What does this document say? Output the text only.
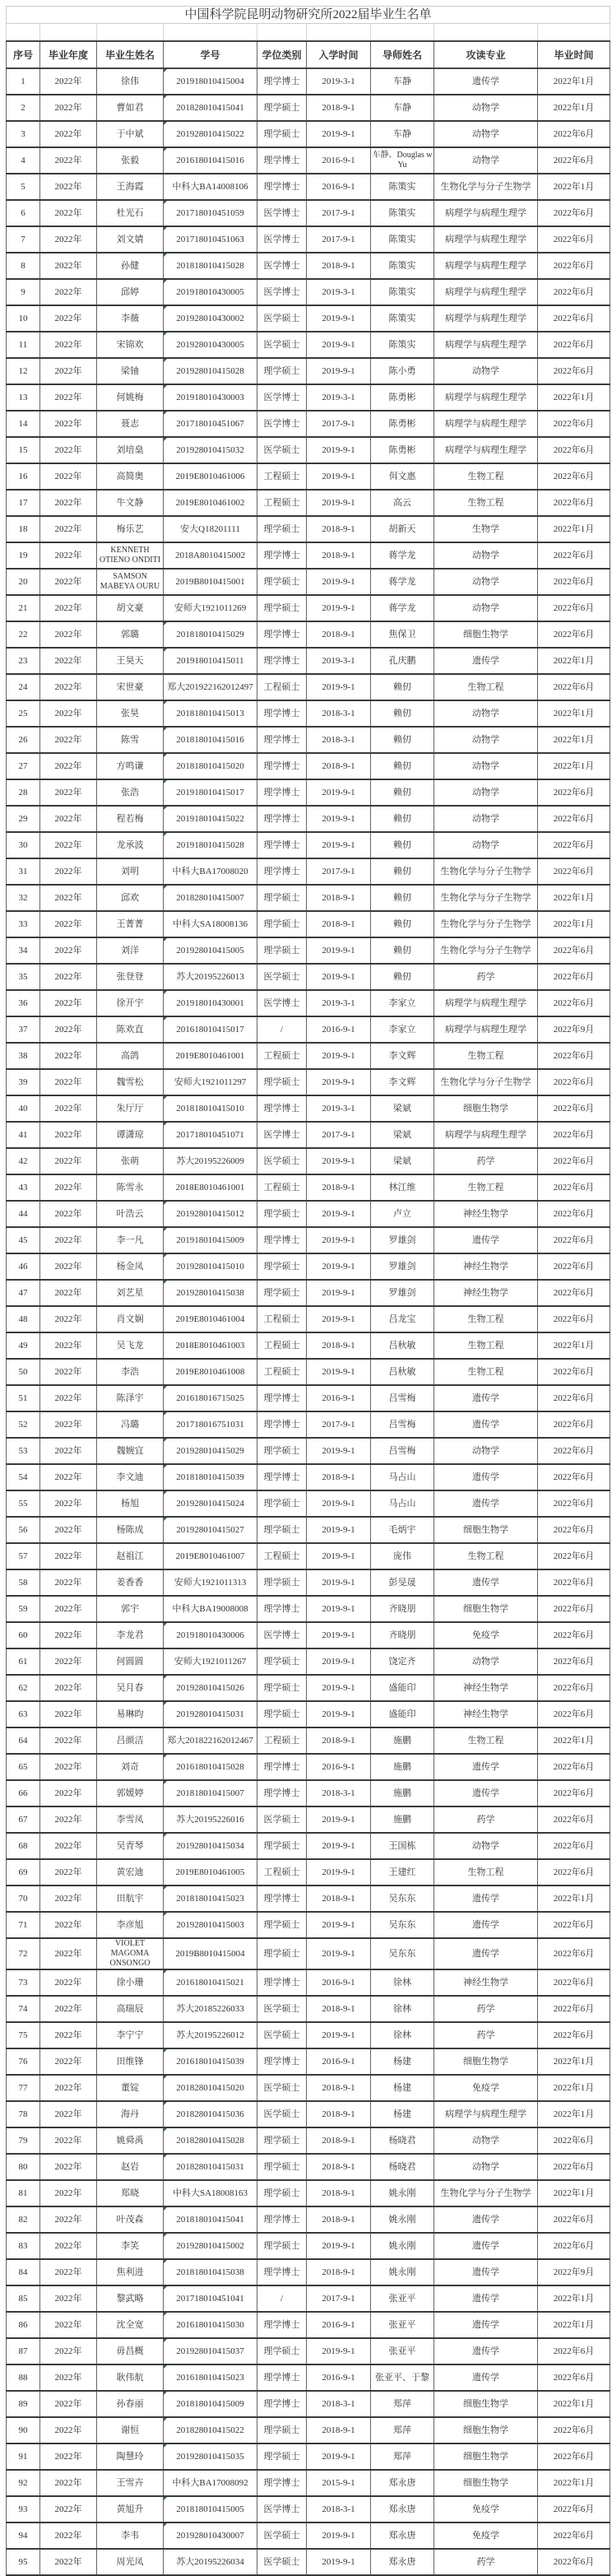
中国科学院昆明动物研究所2022届毕业生名单								

序号	毕业年度	毕业生姓名	学号	学位类别	入学时间	导师姓名	攻读专业	毕业时间
1	2022年	徐伟	201918010415004	理学博士	2019-3-1	车静	遗传学	2022年1月
2	2022年	曹如君	201828010415041	理学硕士	2018-9-1	车静	动物学	2022年1月
3	2022年	于中斌	201928010415022	理学硕士	2019-9-1	车静	动物学	2022年6月
4	2022年	张毅	201618010415016	理学博士	2016-9-1	车静、Douglas w Yu	动物学	2022年6月
5	2022年	王海霞	中科大BA14008106	理学博士	2016-9-1	陈策实	生物化学与分子生物学	2022年1月
6	2022年	杜光石	201718010451059	医学博士	2017-9-1	陈策实	病理学与病理生理学	2022年6月
7	2022年	刘文婧	201718010451063	医学博士	2017-9-1	陈策实	病理学与病理生理学	2022年6月
8	2022年	孙健	201818010415028	医学博士	2018-9-1	陈策实	病理学与病理生理学	2022年6月
9	2022年	邱婷	201918010430005	医学博士	2019-3-1	陈策实	病理学与病理生理学	2022年6月
10	2022年	李薇	201928010430002	医学硕士	2019-9-1	陈策实	病理学与病理生理学	2022年6月
11	2022年	宋锦欢	201928010430005	医学硕士	2019-9-1	陈策实	病理学与病理生理学	2022年6月
12	2022年	梁铀	201928010415028	理学硕士	2019-9-1	陈小勇	动物学	2022年6月
13	2022年	何姚梅	201918010430003	医学博士	2019-3-1	陈勇彬	病理学与病理生理学	2022年1月
14	2022年	聂志	201718010451067	医学博士	2017-9-1	陈勇彬	病理学与病理生理学	2022年6月
15	2022年	刘培燊	201928010415032	医学硕士	2019-9-1	陈勇彬	病理学与病理生理学	2022年6月
16	2022年	高简奥	2019E8010461006	工程硕士	2019-9-1	佴文惠	生物工程	2022年6月
17	2022年	牛文静	2019E8010461002	工程硕士	2019-9-1	高云	生物工程	2022年6月
18	2022年	梅乐艺	安大Q18201111	理学硕士	2018-9-1	胡新天	生物学	2022年1月
19	2022年	KENNETH OTIENO ONDITI	2018A8010415002	理学博士	2018-9-1	蒋学龙	动物学	2022年6月
20	2022年	SAMSON MABEYA OURU	2019B8010415001	理学硕士	2019-9-1	蒋学龙	动物学	2022年6月
21	2022年	胡文豪	安师大1921011269	理学硕士	2019-9-1	蒋学龙	动物学	2022年6月
22	2022年	郭璐	201818010415029	理学博士	2018-9-1	焦保卫	细胞生物学	2022年6月
23	2022年	王昊天	201918010415011	理学博士	2019-3-1	孔庆鹏	遗传学	2022年1月
24	2022年	宋世豪	郑大201922162012497	工程硕士	2019-9-1	赖仞	生物工程	2022年6月
25	2022年	张昊	201818010415013	理学博士	2018-3-1	赖仞	动物学	2022年1月
26	2022年	陈雪	201818010415016	理学博士	2018-3-1	赖仞	动物学	2022年1月
27	2022年	方鸣谦	201818010415020	理学博士	2018-9-1	赖仞	动物学	2022年1月
28	2022年	张浩	201918010415017	理学博士	2019-9-1	赖仞	动物学	2022年6月
29	2022年	程若梅	201918010415022	理学博士	2019-9-1	赖仞	动物学	2022年6月
30	2022年	龙承波	201918010415028	理学博士	2019-9-1	赖仞	动物学	2022年6月
31	2022年	刘明	中科大BA17008020	理学博士	2017-9-1	赖仞	生物化学与分子生物学	2022年6月
32	2022年	邱欢	201828010415007	理学硕士	2018-9-1	赖仞	生物化学与分子生物学	2022年1月
33	2022年	王菁菁	中科大SA18008136	理学硕士	2018-9-1	赖仞	生物化学与分子生物学	2022年1月
34	2022年	刘洋	201928010415005	理学硕士	2019-9-1	赖仞	生物化学与分子生物学	2022年6月
35	2022年	张登登	苏大20195226013	医学硕士	2019-9-1	赖仞	药学	2022年6月
36	2022年	徐开宇	201918010430001	医学博士	2019-3-1	李家立	病理学与病理生理学	2022年6月
37	2022年	陈欢直	201618010415017	/	2016-9-1	李家立	病理学与病理生理学	2022年9月
38	2022年	高鸽	2019E8010461001	工程硕士	2019-9-1	李文辉	生物工程	2022年6月
39	2022年	魏雪松	安师大1921011297	理学硕士	2019-9-1	李文辉	生物化学与分子生物学	2022年6月
40	2022年	朱厅厅	201818010415010	理学博士	2019-3-1	梁斌	细胞生物学	2022年6月
41	2022年	谭潇琼	201718010451071	医学博士	2017-9-1	梁斌	病理学与病理生理学	2022年6月
42	2022年	张萌	苏大20195226009	医学硕士	2019-9-1	梁斌	药学	2022年6月
43	2022年	陈雪永	2018E8010461001	工程硕士	2018-9-1	林江维	生物工程	2022年6月
44	2022年	叶浩云	201928010415012	理学硕士	2019-9-1	卢立	神经生物学	2022年6月
45	2022年	李一凡	201918010415009	理学博士	2019-9-1	罗雄剑	遗传学	2022年6月
46	2022年	杨金凤	201928010415010	理学硕士	2019-9-1	罗雄剑	神经生物学	2022年6月
47	2022年	刘艺星	201928010415038	理学硕士	2019-9-1	罗雄剑	神经生物学	2022年6月
48	2022年	肖文娴	2019E8010461004	工程硕士	2019-9-1	吕龙宝	生物工程	2022年6月
49	2022年	吴飞龙	2018E8010461003	工程硕士	2018-9-1	吕秋敏	生物工程	2022年1月
50	2022年	李浩	2019E8010461008	工程硕士	2019-9-1	吕秋敏	生物工程	2022年6月
51	2022年	陈泽宇	201618016715025	理学博士	2016-9-1	吕雪梅	遗传学	2022年6月
52	2022年	冯璐	201718016751031	理学博士	2017-9-1	吕雪梅	遗传学	2022年6月
53	2022年	魏婉宜	201928010415029	理学硕士	2019-9-1	吕雪梅	动物学	2022年6月
54	2022年	李文迪	201818010415039	理学博士	2018-9-1	马占山	遗传学	2022年6月
55	2022年	杨旭	201928010415024	理学硕士	2019-9-1	马占山	遗传学	2022年6月
56	2022年	杨陈成	201928010415027	理学硕士	2019-9-1	毛炳宇	细胞生物学	2022年6月
57	2022年	赵祖江	2019E8010461007	工程硕士	2019-9-1	庞伟	生物工程	2022年6月
58	2022年	姜香香	安师大1921011313	理学硕士	2019-9-1	彭旻晟	遗传学	2022年6月
59	2022年	郭宇	中科大BA19008008	理学博士	2019-9-1	齐晓朋	细胞生物学	2022年6月
60	2022年	李龙君	201918010430006	医学博士	2019-9-1	齐晓朋	免疫学	2022年6月
61	2022年	何圆圆	安师大1921011267	理学硕士	2019-9-1	饶定齐	动物学	2022年6月
62	2022年	吴月春	201928010415026	理学硕士	2019-9-1	盛能印	神经生物学	2022年6月
63	2022年	易琳昀	201928010415031	理学硕士	2019-9-1	盛能印	神经生物学	2022年6月
64	2022年	吕颜洁	郑大201822162012467	工程硕士	2018-9-1	施鹏	生物工程	2022年1月
65	2022年	刘奇	201618010415028	理学博士	2016-9-1	施鹏	遗传学	2022年6月
66	2022年	郭媛婷	201818010415007	理学博士	2018-3-1	施鹏	遗传学	2022年6月
67	2022年	李雪凤	苏大20195226016	医学硕士	2019-9-1	施鹏	药学	2022年6月
68	2022年	吴青琴	201928010415034	理学硕士	2019-9-1	王国栋	动物学	2022年6月
69	2022年	黄宏迪	2019E8010461005	工程硕士	2019-9-1	王建红	生物工程	2022年6月
70	2022年	田航宇	201818010415023	理学博士	2018-9-1	吴东东	遗传学	2022年1月
71	2022年	李彦旭	201928010415003	理学硕士	2019-9-1	吴东东	遗传学	2022年6月
72	2022年	VIOLET MAGOMA ONSONGO	2019B8010415004	理学硕士	2019-9-1	吴东东	遗传学	2022年6月
73	2022年	徐小珊	201618010415021	理学博士	2016-9-1	徐林	神经生物学	2022年6月
74	2022年	高瑞辰	苏大20185226033	医学硕士	2018-9-1	徐林	药学	2022年6月
75	2022年	李宁宁	苏大20195226012	医学硕士	2019-9-1	徐林	药学	2022年6月
76	2022年	田维锋	201618010415039	理学博士	2016-9-1	杨建	细胞生物学	2022年1月
77	2022年	董锭	201828010415020	医学硕士	2018-9-1	杨建	免疫学	2022年1月
78	2022年	海丹	201828010415036	医学硕士	2018-9-1	杨建	病理学与病理生理学	2022年1月
79	2022年	姚舜禹	201828010415028	理学硕士	2018-9-1	杨晓君	动物学	2022年6月
80	2022年	赵岩	201828010415031	理学硕士	2018-9-1	杨晓君	动物学	2022年6月
81	2022年	郑晓	中科大SA18008163	理学硕士	2018-9-1	姚永刚	生物化学与分子生物学	2022年1月
82	2022年	叶茂森	201818010415041	理学博士	2018-9-1	姚永刚	遗传学	2022年6月
83	2022年	李笑	201928010415002	理学硕士	2019-9-1	姚永刚	遗传学	2022年6月
84	2022年	焦利进	201818010415038	理学博士	2018-9-1	姚永刚	遗传学	2022年9月
85	2022年	黎武略	201718010451041	/	2017-9-1	张亚平	遗传学	2022年1月
86	2022年	沈全宽	201618010415030	理学博士	2016-9-1	张亚平	遗传学	2022年1月
87	2022年	毋昌概	201928010415037	理学硕士	2019-9-1	张亚平	遗传学	2022年6月
88	2022年	耿伟航	201618010415023	理学博士	2016-9-1	张亚平、于黎	遗传学	2022年6月
89	2022年	孙春丽	201818010415009	理学博士	2018-3-1	郑萍	细胞生物学	2022年1月
90	2022年	谢恒	201828010415022	理学硕士	2018-9-1	郑萍	细胞生物学	2022年6月
91	2022年	陶慧玲	201928010415035	理学硕士	2019-9-1	郑萍	细胞生物学	2022年6月
92	2022年	王雪卉	中科大BA17008092	理学博士	2015-9-1	郑永唐	细胞生物学	2022年1月
93	2022年	黄旭升	201818010415005	医学博士	2018-3-1	郑永唐	免疫学	2022年6月
94	2022年	李韦	201928010430007	医学硕士	2019-9-1	郑永唐	免疫学	2022年6月
95	2022年	周光凤	苏大20195226034	医学硕士	2019-9-1	郑永唐	药学	2022年6月
